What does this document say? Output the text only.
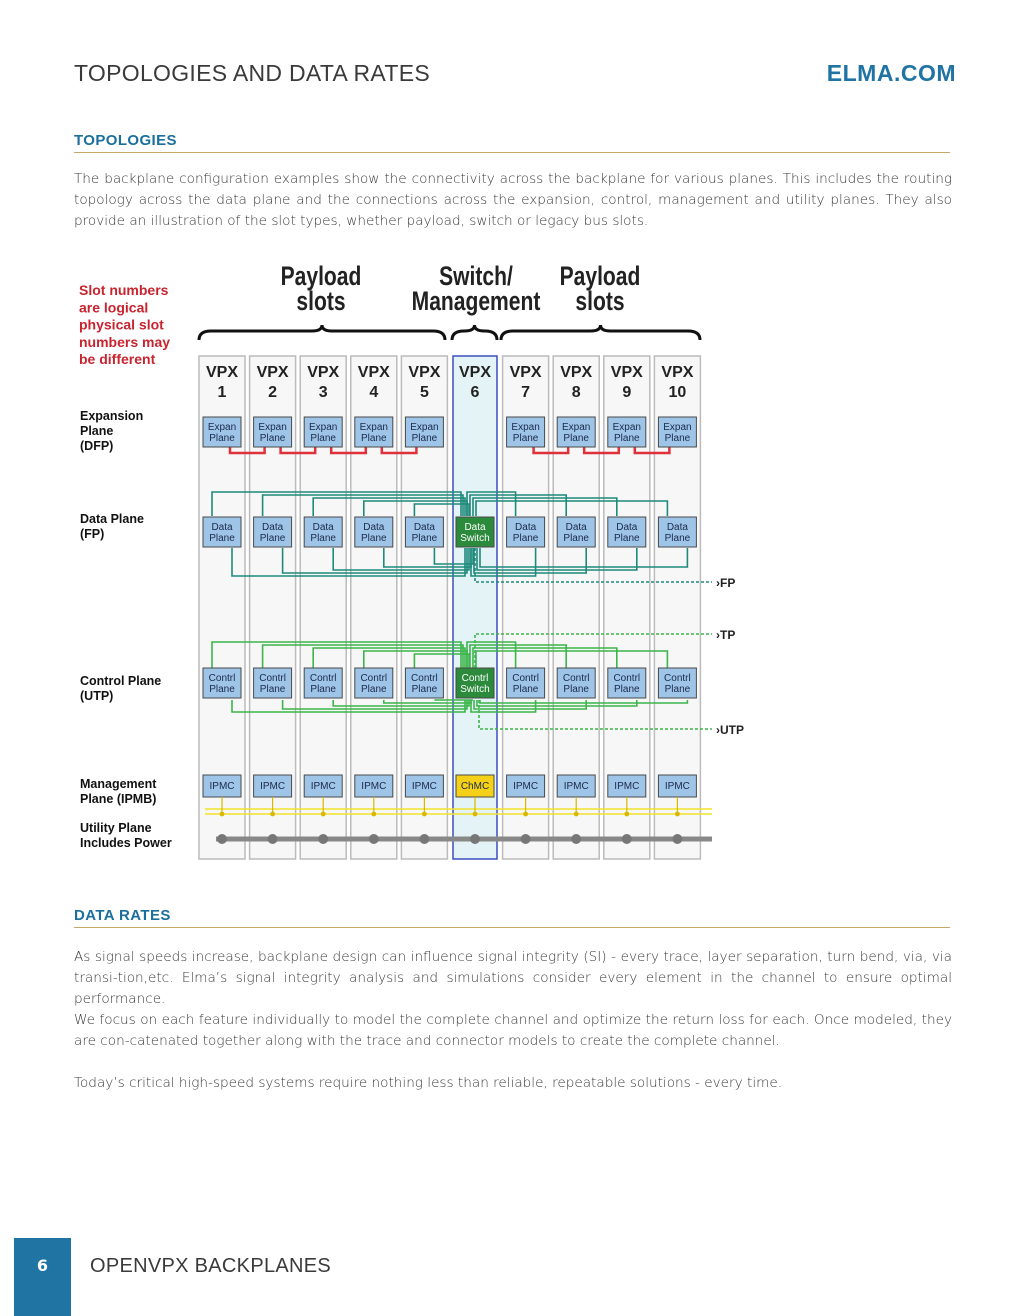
TOPOLOGIES AND DATA RATES	ELMA.COM
TOPOLOGIES
The backplane configuration examples show the connectivity across the backplane for various planes. This includes the routing topology across the data plane and the connections across the expansion, control, management and utility planes. They also provide an illustration of the slot types, whether payload, switch or legacy bus slots.
Slot numbers
are logical
physical slot
numbers may
be different
Payload
slots
Switch/
Management
Payload
slots
Expansion
Plane
(DFP)
Data Plane
(FP)
Control Plane
(UTP)
Management
Plane (IPMB)
Utility Plane
Includes Power
VPX
1
VPX
2
VPX
3
VPX
4
VPX
5
VPX
6
VPX
7
VPX
8
VPX
9
VPX
10
›FP
›TP
›UTP
Expan
Plane
Data
Plane
Contrl
Plane
IPMC
Expan
Plane
Data
Plane
Contrl
Plane
IPMC
Expan
Plane
Data
Plane
Contrl
Plane
IPMC
Expan
Plane
Data
Plane
Contrl
Plane
IPMC
Expan
Plane
Data
Plane
Contrl
Plane
IPMC
Data
Switch
Contrl
Switch
ChMC
Expan
Plane
Data
Plane
Contrl
Plane
IPMC
Expan
Plane
Data
Plane
Contrl
Plane
IPMC
Expan
Plane
Data
Plane
Contrl
Plane
IPMC
Expan
Plane
Data
Plane
Contrl
Plane
IPMC
DATA RATES
As signal speeds increase, backplane design can influence signal integrity (SI) - every trace, layer separation, turn bend, via, via transi-tion,etc. Elma’s signal integrity analysis and simulations consider every element in the channel to ensure optimal performance.
We focus on each feature individually to model the complete channel and optimize the return loss for each. Once modeled, they are con-catenated together along with the trace and connector models to create the complete channel.
Today’s critical high-speed systems require nothing less than reliable, repeatable solutions - every time.
6	OPENVPX BACKPLANES
